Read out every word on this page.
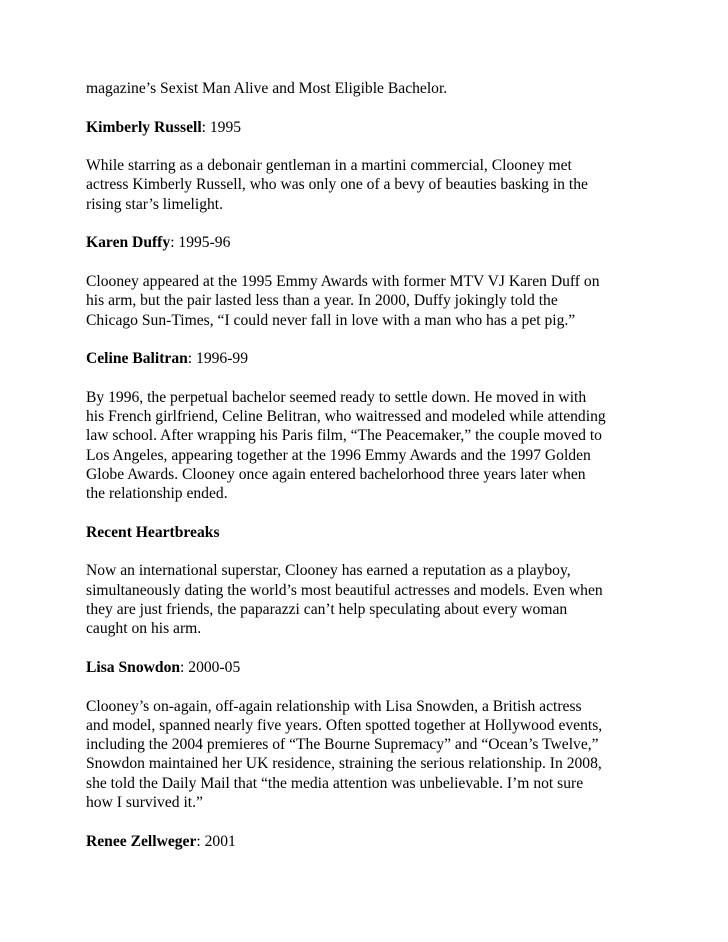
magazine’s Sexist Man Alive and Most Eligible Bachelor.

Kimberly Russell: 1995

While starring as a debonair gentleman in a martini commercial, Clooney met
actress Kimberly Russell, who was only one of a bevy of beauties basking in the
rising star’s limelight.

Karen Duffy: 1995-96

Clooney appeared at the 1995 Emmy Awards with former MTV VJ Karen Duff on
his arm, but the pair lasted less than a year. In 2000, Duffy jokingly told the
Chicago Sun-Times, “I could never fall in love with a man who has a pet pig.”

Celine Balitran: 1996-99

By 1996, the perpetual bachelor seemed ready to settle down. He moved in with
his French girlfriend, Celine Belitran, who waitressed and modeled while attending
law school. After wrapping his Paris film, “The Peacemaker,” the couple moved to
Los Angeles, appearing together at the 1996 Emmy Awards and the 1997 Golden
Globe Awards. Clooney once again entered bachelorhood three years later when
the relationship ended.

Recent Heartbreaks

Now an international superstar, Clooney has earned a reputation as a playboy,
simultaneously dating the world’s most beautiful actresses and models. Even when
they are just friends, the paparazzi can’t help speculating about every woman
caught on his arm.

Lisa Snowdon: 2000-05

Clooney’s on-again, off-again relationship with Lisa Snowden, a British actress
and model, spanned nearly five years. Often spotted together at Hollywood events,
including the 2004 premieres of “The Bourne Supremacy” and “Ocean’s Twelve,”
Snowdon maintained her UK residence, straining the serious relationship. In 2008,
she told the Daily Mail that “the media attention was unbelievable. I’m not sure
how I survived it.”

Renee Zellweger: 2001
